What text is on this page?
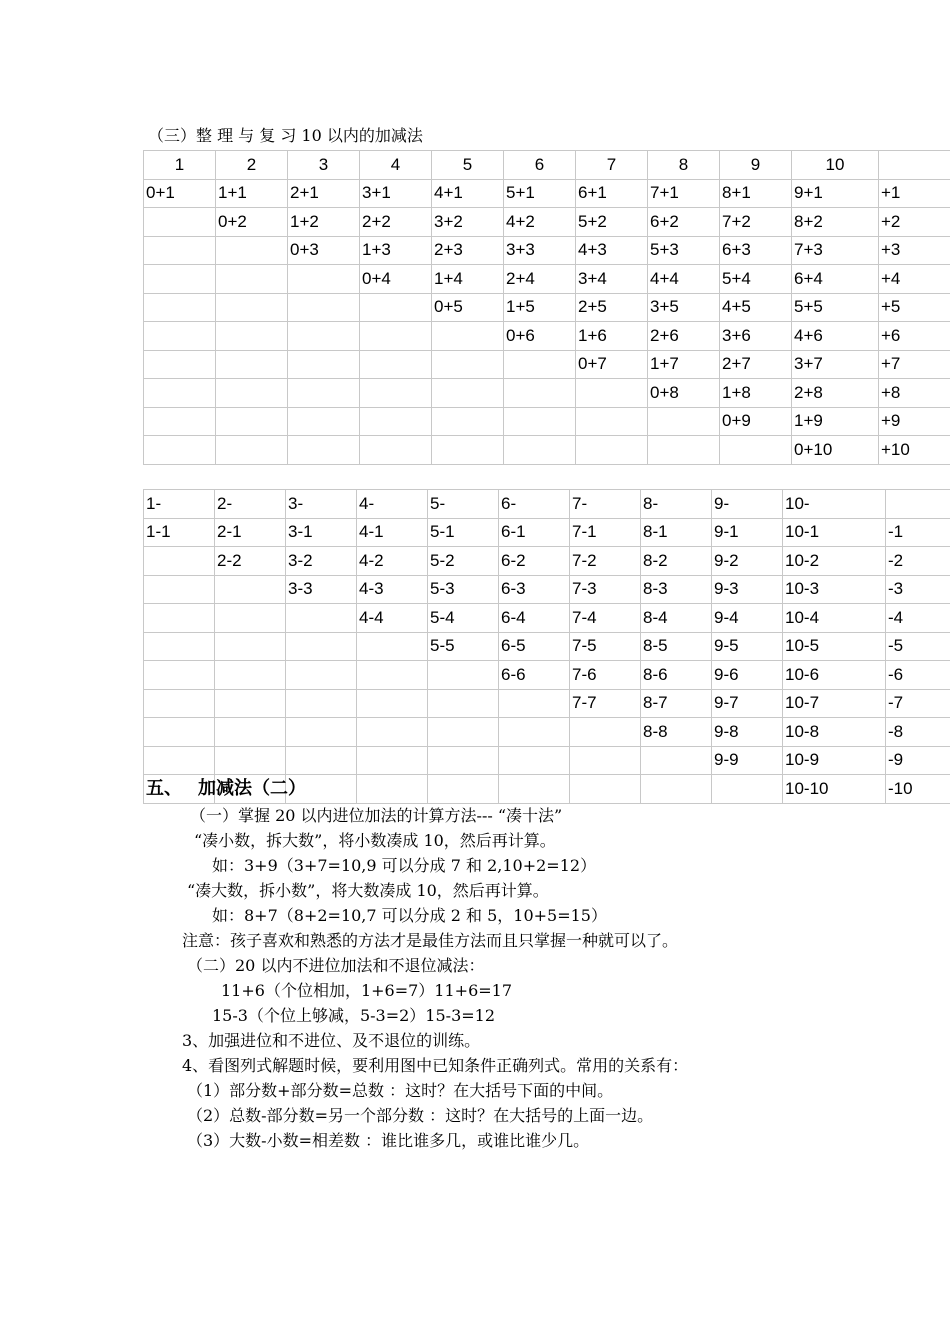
（三）整 理 与 复 习 10 以内的加减法
1	2	3	4	5	6	7	8	9	10	
0+1	1+1	2+1	3+1	4+1	5+1	6+1	7+1	8+1	9+1	+1
	0+2	1+2	2+2	3+2	4+2	5+2	6+2	7+2	8+2	+2
		0+3	1+3	2+3	3+3	4+3	5+3	6+3	7+3	+3
			0+4	1+4	2+4	3+4	4+4	5+4	6+4	+4
				0+5	1+5	2+5	3+5	4+5	5+5	+5
					0+6	1+6	2+6	3+6	4+6	+6
						0+7	1+7	2+7	3+7	+7
							0+8	1+8	2+8	+8
								0+9	1+9	+9
									0+10	+10
1-	2-	3-	4-	5-	6-	7-	8-	9-	10-	
1-1	2-1	3-1	4-1	5-1	6-1	7-1	8-1	9-1	10-1	-1
	2-2	3-2	4-2	5-2	6-2	7-2	8-2	9-2	10-2	-2
		3-3	4-3	5-3	6-3	7-3	8-3	9-3	10-3	-3
			4-4	5-4	6-4	7-4	8-4	9-4	10-4	-4
				5-5	6-5	7-5	8-5	9-5	10-5	-5
					6-6	7-6	8-6	9-6	10-6	-6
						7-7	8-7	9-7	10-7	-7
							8-8	9-8	10-8	-8
								9-9	10-9	-9
									10-10	-10
五、 加减法（二）
（一）掌握 20 以内进位加法的计算方法--- “凑十法”
“凑小数，拆大数”，将小数凑成 10，然后再计算。
如：3+9（3+7=10,9 可以分成 7 和 2,10+2=12）
“凑大数，拆小数”，将大数凑成 10，然后再计算。
如：8+7（8+2=10,7 可以分成 2 和 5，10+5=15）
注意：孩子喜欢和熟悉的方法才是最佳方法而且只掌握一种就可以了。
（二）20 以内不进位加法和不退位减法：
11+6（个位相加，1+6=7）11+6=17
15-3（个位上够减，5-3=2）15-3=12
3、加强进位和不进位、及不退位的训练。
4、看图列式解题时候，要利用图中已知条件正确列式。常用的关系有：
（1）部分数+部分数=总数 ：这时？在大括号下面的中间。
（2）总数-部分数=另一个部分数 ：这时？在大括号的上面一边。
（3）大数-小数=相差数 ：谁比谁多几，或谁比谁少几。
